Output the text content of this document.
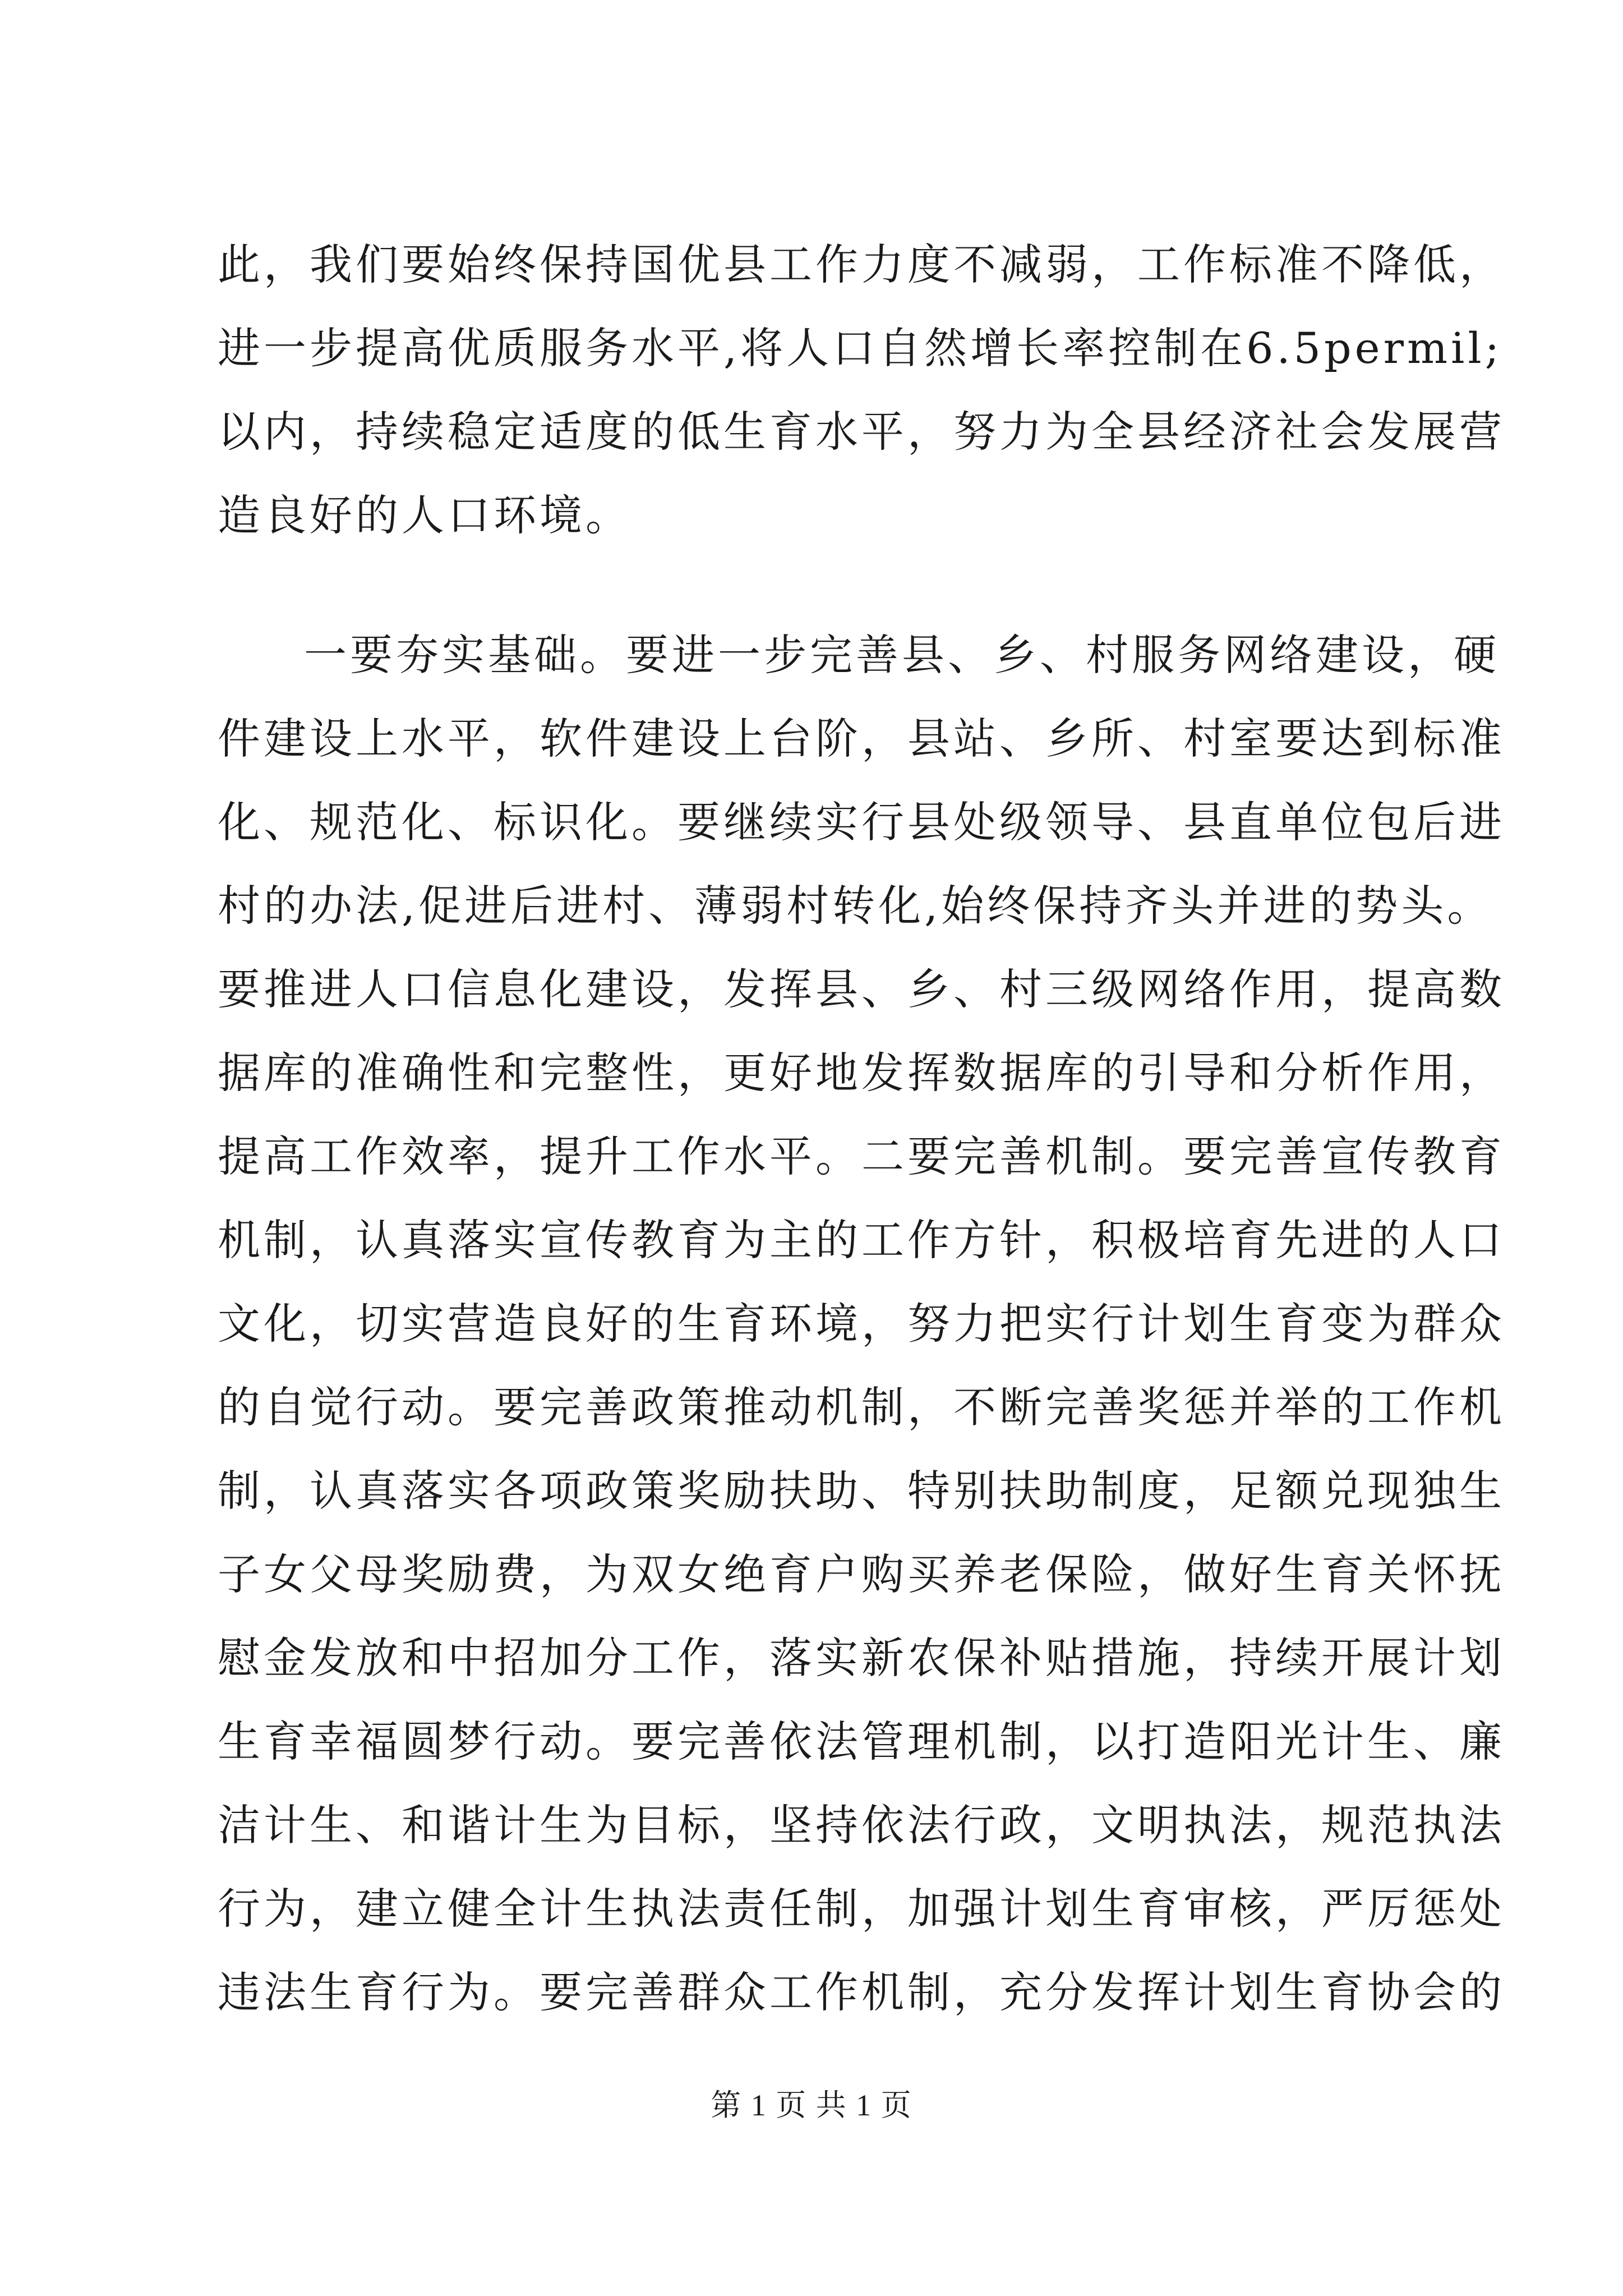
此，我们要始终保持国优县工作力度不减弱，工作标准不降低，
进一步提高优质服务水平,将人口自然增长率控制在6.5permil;
以内，持续稳定适度的低生育水平，努力为全县经济社会发展营
造良好的人口环境。
一要夯实基础。要进一步完善县、乡、村服务网络建设，硬
件建设上水平，软件建设上台阶，县站、乡所、村室要达到标准
化、规范化、标识化。要继续实行县处级领导、县直单位包后进
村的办法,促进后进村、薄弱村转化,始终保持齐头并进的势头。
要推进人口信息化建设，发挥县、乡、村三级网络作用，提高数
据库的准确性和完整性，更好地发挥数据库的引导和分析作用，
提高工作效率，提升工作水平。二要完善机制。要完善宣传教育
机制，认真落实宣传教育为主的工作方针，积极培育先进的人口
文化，切实营造良好的生育环境，努力把实行计划生育变为群众
的自觉行动。要完善政策推动机制，不断完善奖惩并举的工作机
制，认真落实各项政策奖励扶助、特别扶助制度，足额兑现独生
子女父母奖励费，为双女绝育户购买养老保险，做好生育关怀抚
慰金发放和中招加分工作，落实新农保补贴措施，持续开展计划
生育幸福圆梦行动。要完善依法管理机制，以打造阳光计生、廉
洁计生、和谐计生为目标，坚持依法行政，文明执法，规范执法
行为，建立健全计生执法责任制，加强计划生育审核，严厉惩处
违法生育行为。要完善群众工作机制，充分发挥计划生育协会的
第 1 页 共 1 页
